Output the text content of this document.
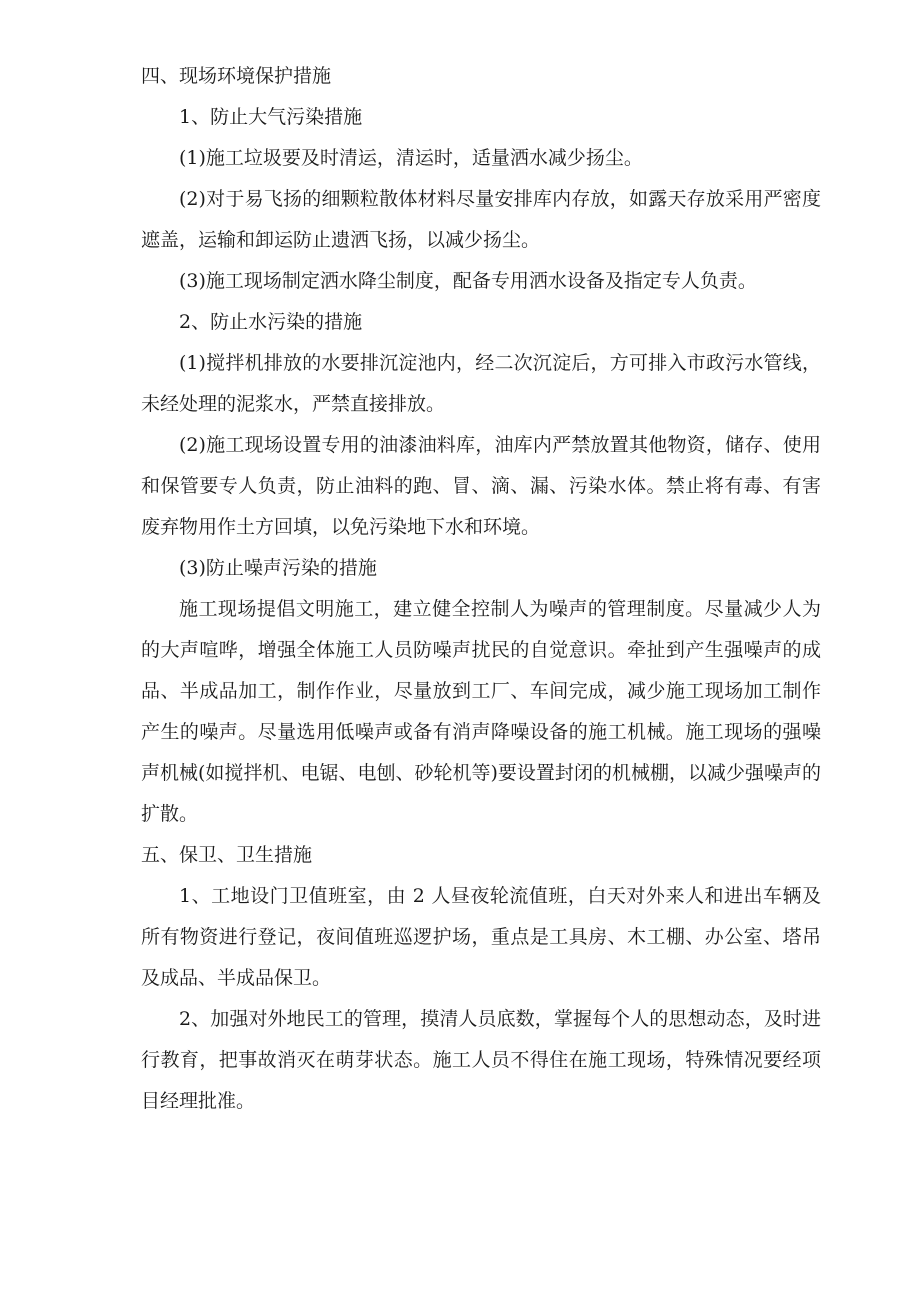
四、现场环境保护措施

1、防止大气污染措施

(1)施工垃圾要及时清运，清运时，适量洒水减少扬尘。

(2)对于易飞扬的细颗粒散体材料尽量安排库内存放，如露天存放采用严密度遮盖，运输和卸运防止遗洒飞扬，以减少扬尘。

(3)施工现场制定洒水降尘制度，配备专用洒水设备及指定专人负责。

2、防止水污染的措施

(1)搅拌机排放的水要排沉淀池内，经二次沉淀后，方可排入市政污水管线，未经处理的泥浆水，严禁直接排放。

(2)施工现场设置专用的油漆油料库，油库内严禁放置其他物资，储存、使用和保管要专人负责，防止油料的跑、冒、滴、漏、污染水体。禁止将有毒、有害废弃物用作土方回填，以免污染地下水和环境。

(3)防止噪声污染的措施

施工现场提倡文明施工，建立健全控制人为噪声的管理制度。尽量减少人为的大声喧哗，增强全体施工人员防噪声扰民的自觉意识。牵扯到产生强噪声的成品、半成品加工，制作作业，尽量放到工厂、车间完成，减少施工现场加工制作产生的噪声。尽量选用低噪声或备有消声降噪设备的施工机械。施工现场的强噪声机械(如搅拌机、电锯、电刨、砂轮机等)要设置封闭的机械棚，以减少强噪声的扩散。

五、保卫、卫生措施

1、工地设门卫值班室，由 2 人昼夜轮流值班，白天对外来人和进出车辆及所有物资进行登记，夜间值班巡逻护场，重点是工具房、木工棚、办公室、塔吊及成品、半成品保卫。

2、加强对外地民工的管理，摸清人员底数，掌握每个人的思想动态，及时进行教育，把事故消灭在萌芽状态。施工人员不得住在施工现场，特殊情况要经项目经理批准。
